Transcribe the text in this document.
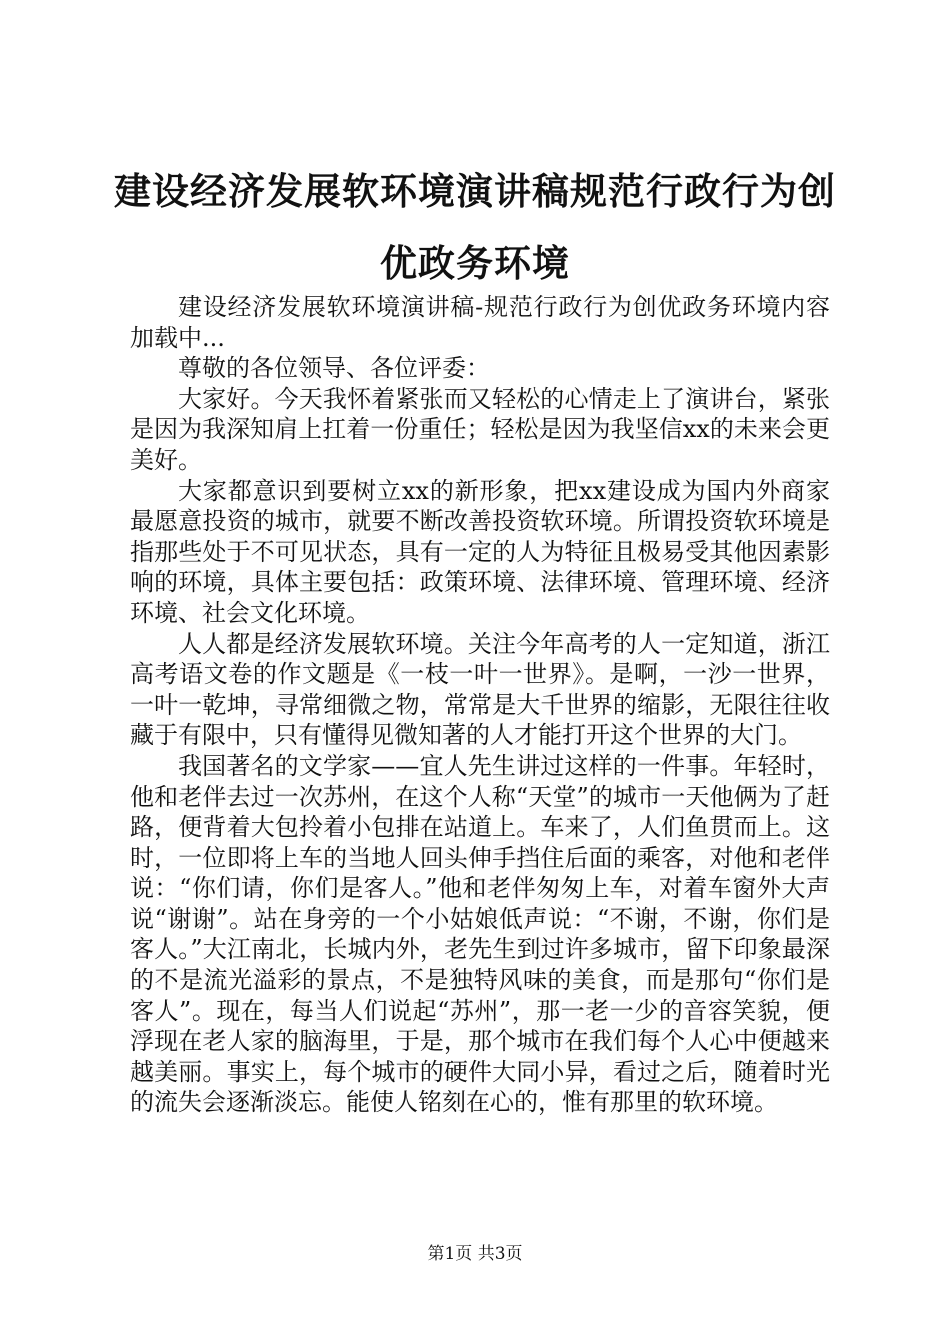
建设经济发展软环境演讲稿规范行政行为创优政务环境

建设经济发展软环境演讲稿-规范行政行为创优政务环境内容加载中...

尊敬的各位领导、各位评委：

大家好。今天我怀着紧张而又轻松的心情走上了演讲台，紧张是因为我深知肩上扛着一份重任；轻松是因为我坚信xx的未来会更美好。

大家都意识到要树立xx的新形象，把xx建设成为国内外商家最愿意投资的城市，就要不断改善投资软环境。所谓投资软环境是指那些处于不可见状态，具有一定的人为特征且极易受其他因素影响的环境，具体主要包括：政策环境、法律环境、管理环境、经济环境、社会文化环境。

人人都是经济发展软环境。关注今年高考的人一定知道，浙江高考语文卷的作文题是《一枝一叶一世界》。是啊，一沙一世界，一叶一乾坤，寻常细微之物，常常是大千世界的缩影，无限往往收藏于有限中，只有懂得见微知著的人才能打开这个世界的大门。

我国著名的文学家——宜人先生讲过这样的一件事。年轻时，他和老伴去过一次苏州，在这个人称“天堂”的城市一天他俩为了赶路，便背着大包拎着小包排在站道上。车来了，人们鱼贯而上。这时，一位即将上车的当地人回头伸手挡住后面的乘客，对他和老伴说：“你们请，你们是客人。”他和老伴匆匆上车，对着车窗外大声说“谢谢”。站在身旁的一个小姑娘低声说：“不谢，不谢，你们是客人。”大江南北，长城内外，老先生到过许多城市，留下印象最深的不是流光溢彩的景点，不是独特风味的美食，而是那句“你们是客人”。现在，每当人们说起“苏州”，那一老一少的音容笑貌，便浮现在老人家的脑海里，于是，那个城市在我们每个人心中便越来越美丽。事实上，每个城市的硬件大同小异，看过之后，随着时光的流失会逐渐淡忘。能使人铭刻在心的，惟有那里的软环境。

第1页 共3页
